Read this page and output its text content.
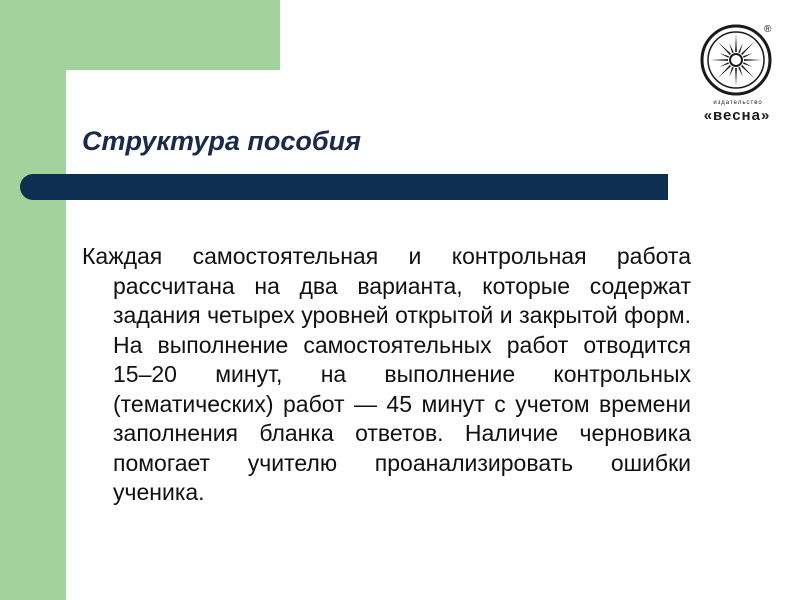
®
издательство
«весна»
Структура пособия

Каждая самостоятельная и контрольная работа рассчитана на два варианта, которые содержат задания четырех уровней открытой и закрытой форм. На выполнение самостоятельных работ отводится 15–20 минут, на выполнение контрольных (тематических) работ — 45 минут с учетом времени заполнения бланка ответов. Наличие черновика помогает учителю проанализировать ошибки ученика.
